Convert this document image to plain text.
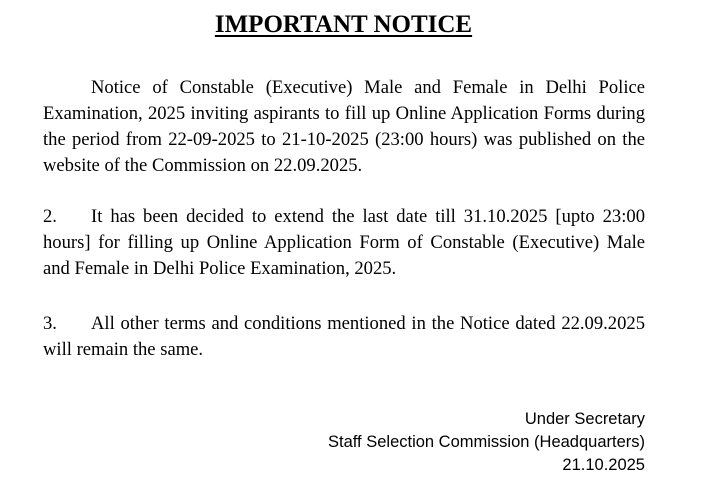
IMPORTANT NOTICE
Notice of Constable (Executive) Male and Female in Delhi Police Examination, 2025 inviting aspirants to fill up Online Application Forms during the period from 22-09-2025 to 21-10-2025 (23:00 hours) was published on the website of the Commission on 22.09.2025.
2. It has been decided to extend the last date till 31.10.2025 [upto 23:00 hours] for filling up Online Application Form of Constable (Executive) Male and Female in Delhi Police Examination, 2025.
3. All other terms and conditions mentioned in the Notice dated 22.09.2025 will remain the same.
Under Secretary
Staff Selection Commission (Headquarters)
21.10.2025
